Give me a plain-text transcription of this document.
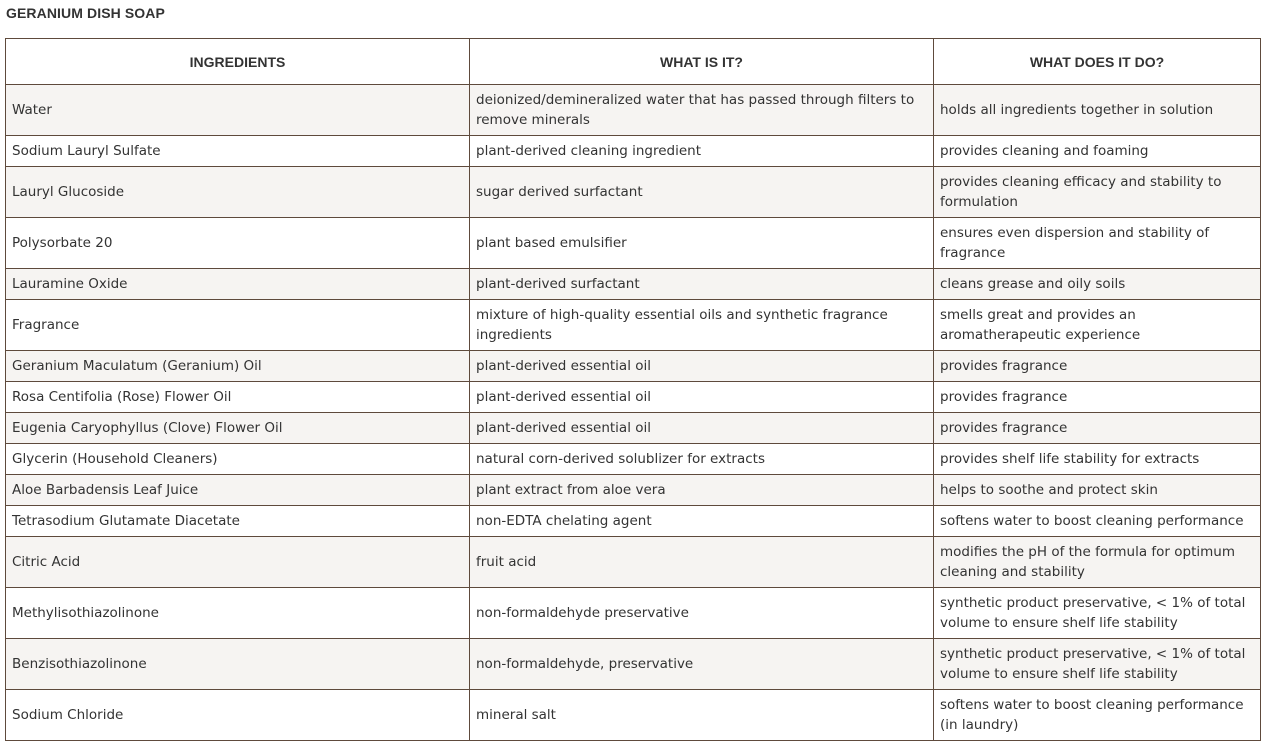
GERANIUM DISH SOAP
INGREDIENTS	WHAT IS IT?	WHAT DOES IT DO?
Water	deionized/demineralized water that has passed through filters to remove minerals	holds all ingredients together in solution
Sodium Lauryl Sulfate	plant-derived cleaning ingredient	provides cleaning and foaming
Lauryl Glucoside	sugar derived surfactant	provides cleaning efficacy and stability to formulation
Polysorbate 20	plant based emulsifier	ensures even dispersion and stability of fragrance
Lauramine Oxide	plant-derived surfactant	cleans grease and oily soils
Fragrance	mixture of high-quality essential oils and synthetic fragrance ingredients	smells great and provides an aromatherapeutic experience
Geranium Maculatum (Geranium) Oil	plant-derived essential oil	provides fragrance
Rosa Centifolia (Rose) Flower Oil	plant-derived essential oil	provides fragrance
Eugenia Caryophyllus (Clove) Flower Oil	plant-derived essential oil	provides fragrance
Glycerin (Household Cleaners)	natural corn-derived solublizer for extracts	provides shelf life stability for extracts
Aloe Barbadensis Leaf Juice	plant extract from aloe vera	helps to soothe and protect skin
Tetrasodium Glutamate Diacetate	non-EDTA chelating agent	softens water to boost cleaning performance
Citric Acid	fruit acid	modifies the pH of the formula for optimum cleaning and stability
Methylisothiazolinone	non-formaldehyde preservative	synthetic product preservative, < 1% of total volume to ensure shelf life stability
Benzisothiazolinone	non-formaldehyde, preservative	synthetic product preservative, < 1% of total volume to ensure shelf life stability
Sodium Chloride	mineral salt	softens water to boost cleaning performance (in laundry)
